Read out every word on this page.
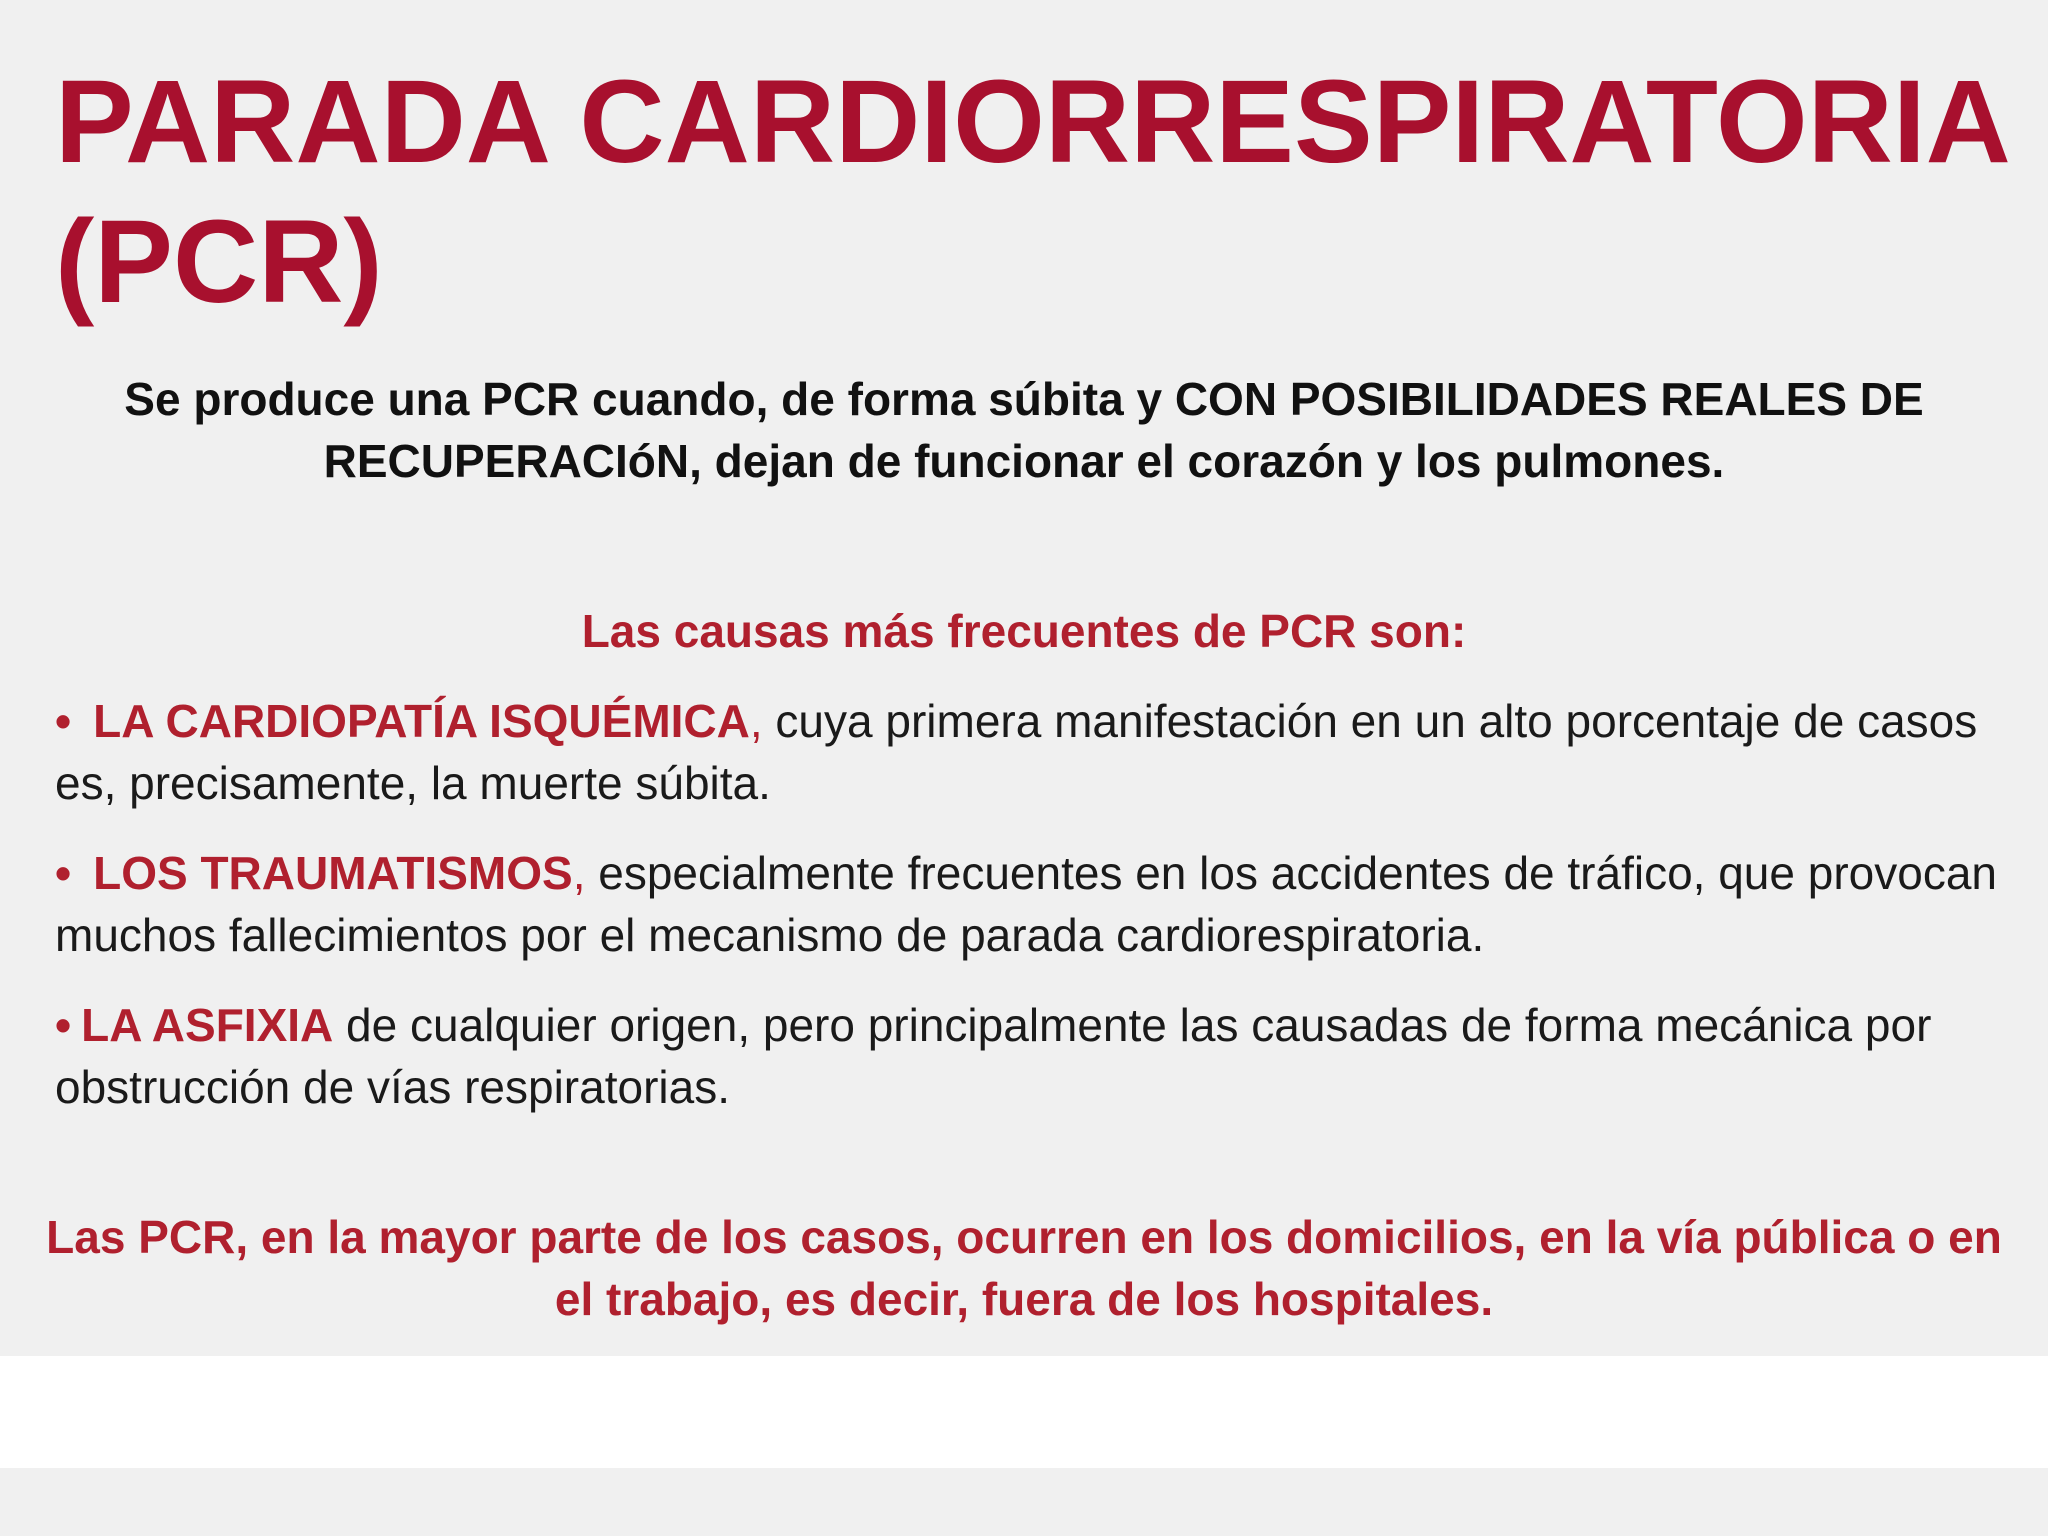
PARADA CARDIORRESPIRATORIA (PCR)

Se produce una PCR cuando, de forma súbita y CON POSIBILIDADES REALES DE RECUPERACIóN, dejan de funcionar el corazón y los pulmones.

Las causas más frecuentes de PCR son:

• LA CARDIOPATÍA ISQUÉMICA, cuya primera manifestación en un alto porcentaje de casos es, precisamente, la muerte súbita.
• LOS TRAUMATISMOS, especialmente frecuentes en los accidentes de tráfico, que provocan muchos fallecimientos por el mecanismo de parada cardiorespiratoria.
• LA ASFIXIA de cualquier origen, pero principalmente las causadas de forma mecánica por obstrucción de vías respiratorias.

Las PCR, en la mayor parte de los casos, ocurren en los domicilios, en la vía pública o en el trabajo, es decir, fuera de los hospitales.
